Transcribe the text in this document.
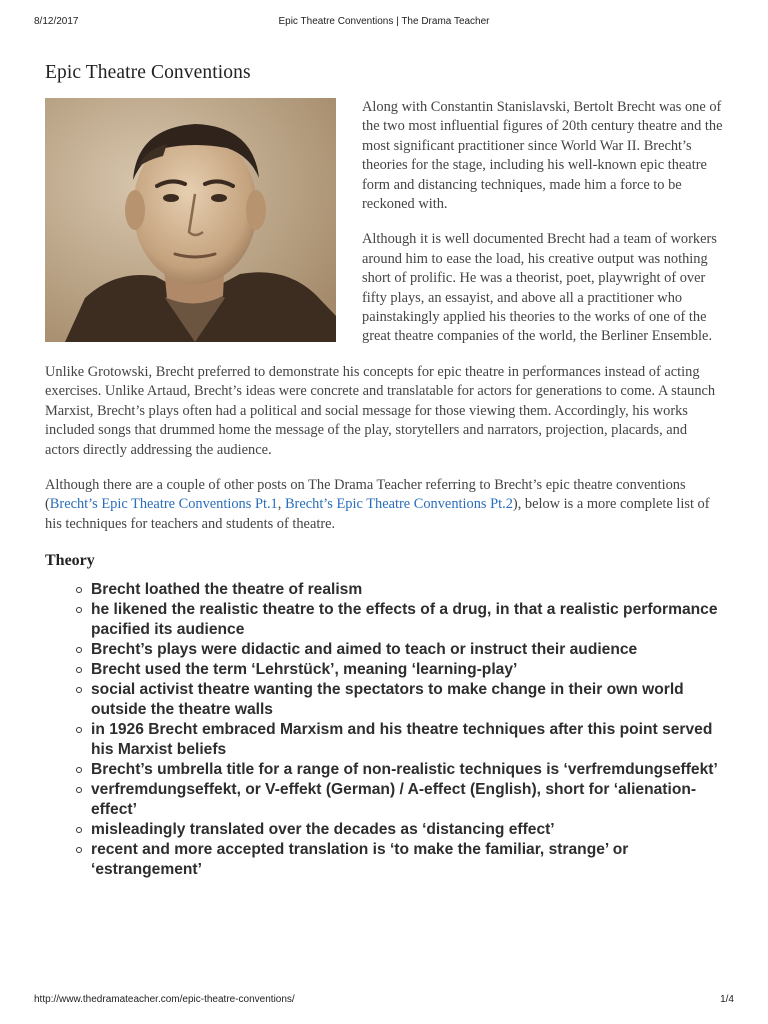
8/12/2017	Epic Theatre Conventions | The Drama Teacher
Epic Theatre Conventions

Along with Constantin Stanislavski, Bertolt Brecht was one of the two most influential figures of 20th century theatre and the most significant practitioner since World War II. Brecht’s theories for the stage, including his well-known epic theatre form and distancing techniques, made him a force to be reckoned with.

Although it is well documented Brecht had a team of workers around him to ease the load, his creative output was nothing short of prolific. He was a theorist, poet, playwright of over fifty plays, an essayist, and above all a practitioner who painstakingly applied his theories to the works of one of the great theatre companies of the world, the Berliner Ensemble.

Unlike Grotowski, Brecht preferred to demonstrate his concepts for epic theatre in performances instead of acting exercises. Unlike Artaud, Brecht’s ideas were concrete and translatable for actors for generations to come. A staunch Marxist, Brecht’s plays often had a political and social message for those viewing them. Accordingly, his works included songs that drummed home the message of the play, storytellers and narrators, projection, placards, and actors directly addressing the audience.

Although there are a couple of other posts on The Drama Teacher referring to Brecht’s epic theatre conventions (Brecht’s Epic Theatre Conventions Pt.1, Brecht’s Epic Theatre Conventions Pt.2), below is a more complete list of his techniques for teachers and students of theatre.

Theory
Brecht loathed the theatre of realism
he likened the realistic theatre to the effects of a drug, in that a realistic performance pacified its audience
Brecht’s plays were didactic and aimed to teach or instruct their audience
Brecht used the term ‘Lehrstück’, meaning ‘learning-play’
social activist theatre wanting the spectators to make change in their own world outside the theatre walls
in 1926 Brecht embraced Marxism and his theatre techniques after this point served his Marxist beliefs
Brecht’s umbrella title for a range of non-realistic techniques is ‘verfremdungseffekt’
verfremdungseffekt, or V-effekt (German) / A-effect (English), short for ‘alienation-effect’
misleadingly translated over the decades as ‘distancing effect’
recent and more accepted translation is ‘to make the familiar, strange’ or ‘estrangement’
http://www.thedramateacher.com/epic-theatre-conventions/	1/4
